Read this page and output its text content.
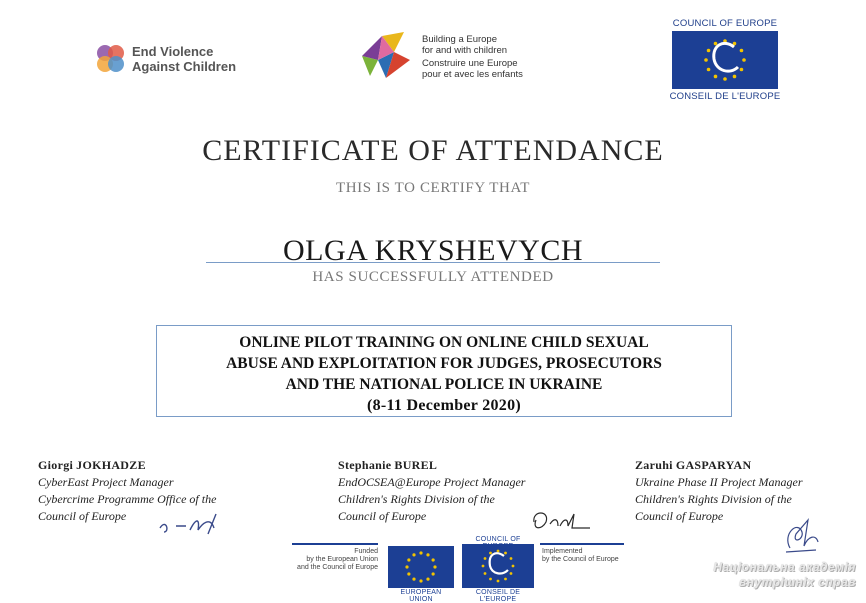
End Violence
Against Children
Building a Europe
for and with children
Construire une Europe
pour et avec les enfants
COUNCIL OF EUROPE
CONSEIL DE L'EUROPE
CERTIFICATE OF ATTENDANCE
THIS IS TO CERTIFY THAT
OLGA KRYSHEVYCH
HAS SUCCESSFULLY ATTENDED
ONLINE PILOT TRAINING ON ONLINE CHILD SEXUAL
ABUSE AND EXPLOITATION FOR JUDGES, PROSECUTORS
AND THE NATIONAL POLICE IN UKRAINE
(8-11 December 2020)
Giorgi JOKHADZE
CyberEast Project Manager
Cybercrime Programme Office of the
Council of Europe
Stephanie BUREL
EndOCSEA@Europe Project Manager
Children's Rights Division of the
Council of Europe
Zaruhi GASPARYAN
Ukraine Phase II Project Manager
Children's Rights Division of the
Council of Europe
Funded
by the European Union
and the Council of Europe
EUROPEAN UNION
COUNCIL OF
CONSEIL DE L'EUROPE
Implemented
by the Council of Europe
Національна академія
внутрішніх справ
